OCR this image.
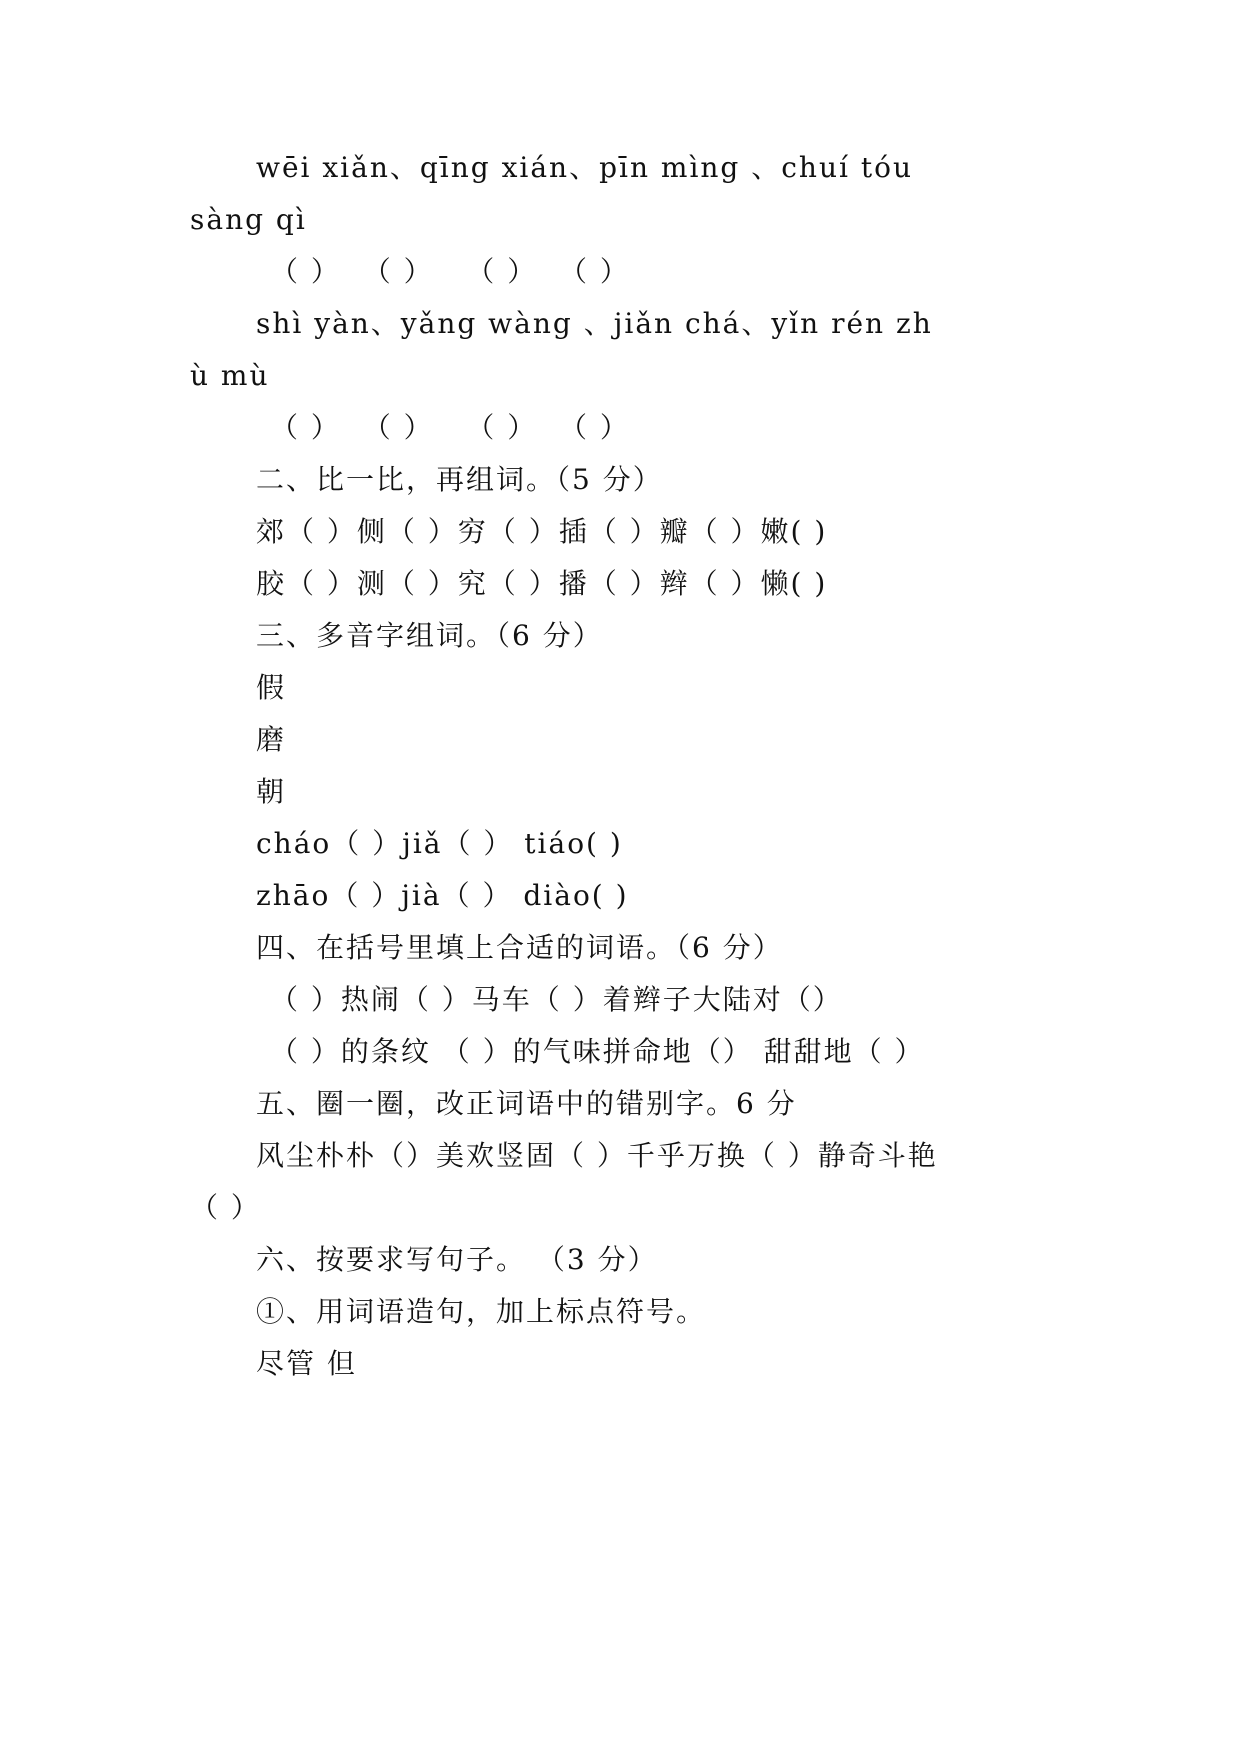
wēi xiǎn、qīng xián、pīn mìng 、chuí tóu
sàng qì
（ ）  （ ）   （ ）  （ ）
shì yàn、yǎng wàng 、jiǎn chá、yǐn rén zh
ù mù
（ ）  （ ）   （ ）  （ ）
二、比一比，再组词。（5 分）
郊（ ）侧（ ）穷（ ）插（ ）瓣（ ）嫩( )
胶（ ）测（ ）究（ ）播（ ）辫（ ）懒( )
三、多音字组词。（6 分）
假
磨
朝
cháo（ ）jiǎ（ ） tiáo( )
zhāo（ ）jià（ ） diào( )
四、在括号里填上合适的词语。（6 分）
（ ）热闹（ ）马车（ ）着辫子大陆对（）
（ ）的条纹 （ ）的气味拼命地（） 甜甜地（ ）
五、圈一圈，改正词语中的错别字。6 分
风尘朴朴（）美欢竖固（ ）千乎万换（ ）静奇斗艳
（ ）
六、按要求写句子。 （3 分）
①、用词语造句，加上标点符号。
尽管 但
